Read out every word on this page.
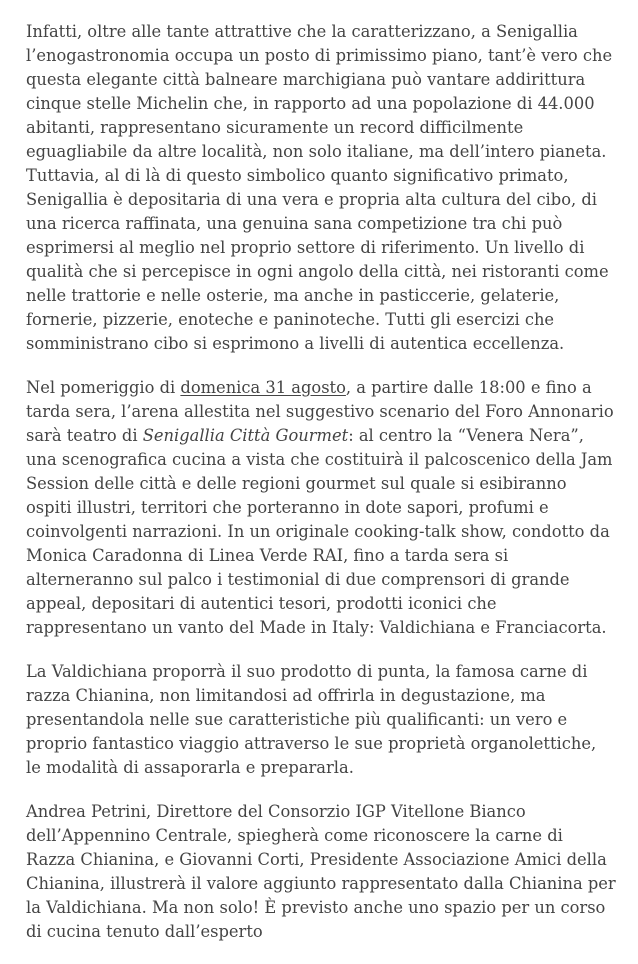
Infatti, oltre alle tante attrattive che la caratterizzano, a Senigallia l’enogastronomia occupa un posto di primissimo piano, tant’è vero che questa elegante città balneare marchigiana può vantare addirittura cinque stelle Michelin che, in rapporto ad una popolazione di 44.000 abitanti, rappresentano sicuramente un record difficilmente eguagliabile da altre località, non solo italiane, ma dell’intero pianeta. Tuttavia, al di là di questo simbolico quanto significativo primato, Senigallia è depositaria di una vera e propria alta cultura del cibo, di una ricerca raffinata, una genuina sana competizione tra chi può esprimersi al meglio nel proprio settore di riferimento. Un livello di qualità che si percepisce in ogni angolo della città, nei ristoranti come nelle trattorie e nelle osterie, ma anche in pasticcerie, gelaterie, fornerie, pizzerie, enoteche e paninoteche. Tutti gli esercizi che somministrano cibo si esprimono a livelli di autentica eccellenza.

Nel pomeriggio di domenica 31 agosto, a partire dalle 18:00 e fino a tarda sera, l’arena allestita nel suggestivo scenario del Foro Annonario sarà teatro di Senigallia Città Gourmet: al centro la “Venera Nera”, una scenografica cucina a vista che costituirà il palcoscenico della Jam Session delle città e delle regioni gourmet sul quale si esibiranno ospiti illustri, territori che porteranno in dote sapori, profumi e coinvolgenti narrazioni. In un originale cooking-talk show, condotto da Monica Caradonna di Linea Verde RAI, fino a tarda sera si alterneranno sul palco i testimonial di due comprensori di grande appeal, depositari di autentici tesori, prodotti iconici che rappresentano un vanto del Made in Italy: Valdichiana e Franciacorta.

La Valdichiana proporrà il suo prodotto di punta, la famosa carne di razza Chianina, non limitandosi ad offrirla in degustazione, ma presentandola nelle sue caratteristiche più qualificanti: un vero e proprio fantastico viaggio attraverso le sue proprietà organolettiche, le modalità di assaporarla e prepararla.

Andrea Petrini, Direttore del Consorzio IGP Vitellone Bianco dell’Appennino Centrale, spiegherà come riconoscere la carne di Razza Chianina, e Giovanni Corti, Presidente Associazione Amici della Chianina, illustrerà il valore aggiunto rappresentato dalla Chianina per la Valdichiana. Ma non solo! È previsto anche uno spazio per un corso di cucina tenuto dall’esperto
